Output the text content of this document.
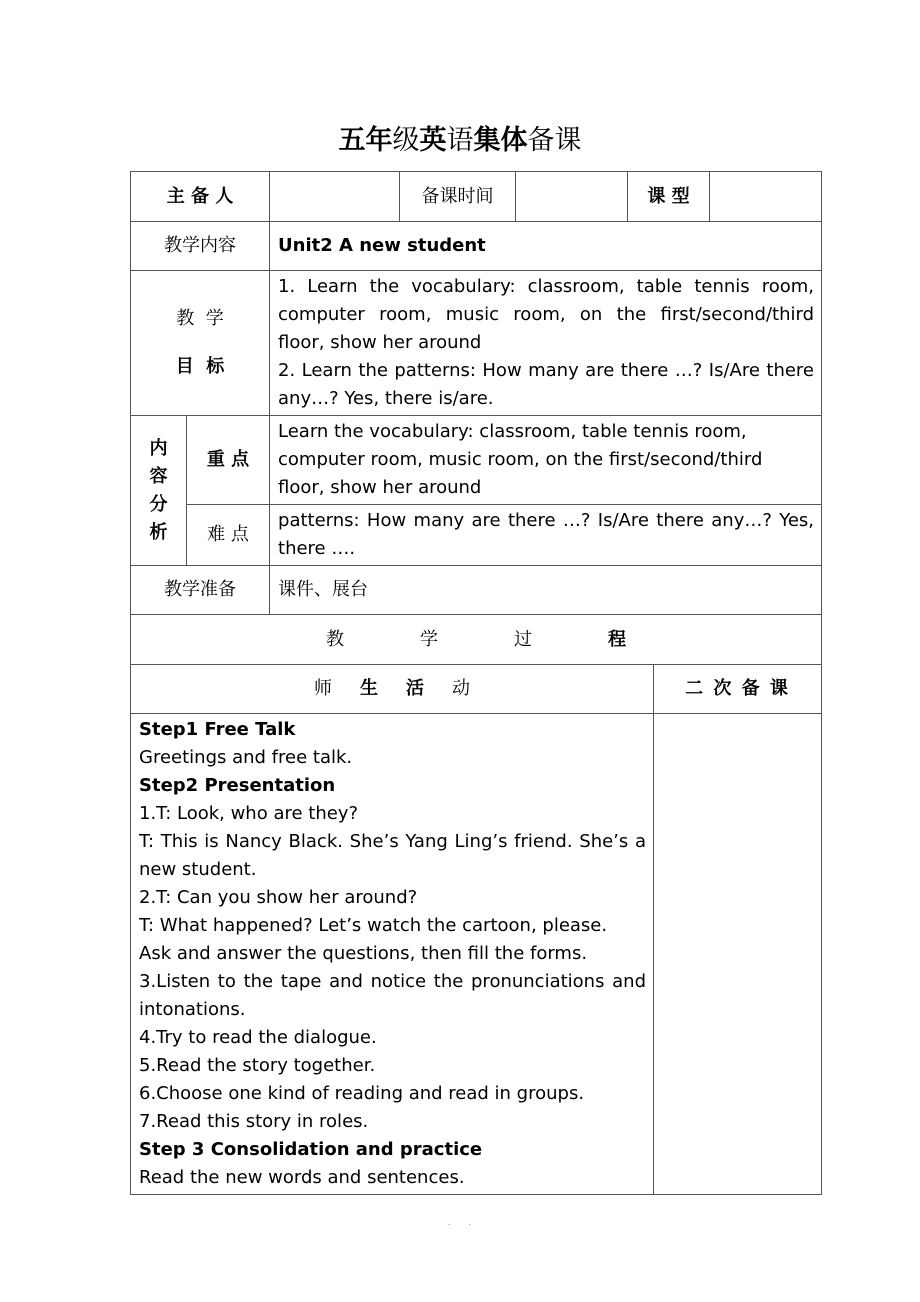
五年级英语集体备课
主 备 人			备课时间		课 型		
教学内容		Unit2 A new student					

教  学
目  标		1. Learn the vocabulary: classroom, table tennis room, computer room, music room, on the first/second/third floor, show her around
2. Learn the patterns: How many are there …? Is/Are there any…? Yes, there is/are.					

内容分析	重 点	Learn the vocabulary: classroom, table tennis room, computer room, music room, on the first/second/third floor, show her around					
	难 点	patterns: How many are there …? Is/Are there any…? Yes, there ….					
教学准备		课件、展台					
教 学 过 程							
师 生 活 动						二 次 备 课	

Step1 Free Talk
Greetings and free talk.
Step2 Presentation
1.T: Look, who are they?
T: This is Nancy Black. She’s Yang Ling’s friend. She’s a new student.
2.T: Can you show her around?
T: What happened? Let’s watch the cartoon, please.
Ask and answer the questions, then fill the forms.
3.Listen to the tape and notice the pronunciations and intonations.
4.Try to read the dialogue.
5.Read the story together.
6.Choose one kind of reading and read in groups.
7.Read this story in roles.
Step 3 Consolidation and practice
Read the new words and sentences.

. .
